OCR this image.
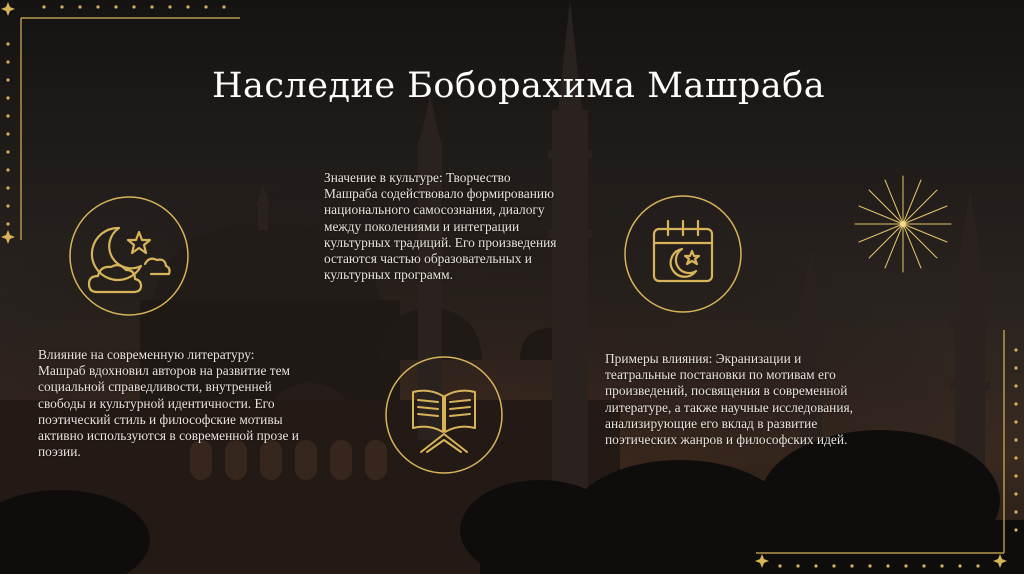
Наследие Боборахима Машраба
Значение в культуре: Творчество Машраба содействовало формированию национального самосознания, диалогу между поколениями и интеграции культурных традиций. Его произведения остаются частью образовательных и культурных программ.
Влияние на современную литературу: Машраб вдохновил авторов на развитие тем социальной справедливости, внутренней свободы и культурной идентичности. Его поэтический стиль и философские мотивы активно используются в современной прозе и поэзии.
Примеры влияния: Экранизации и театральные постановки по мотивам его произведений, посвящения в современной литературе, а также научные исследования, анализирующие его вклад в развитие поэтических жанров и философских идей.
